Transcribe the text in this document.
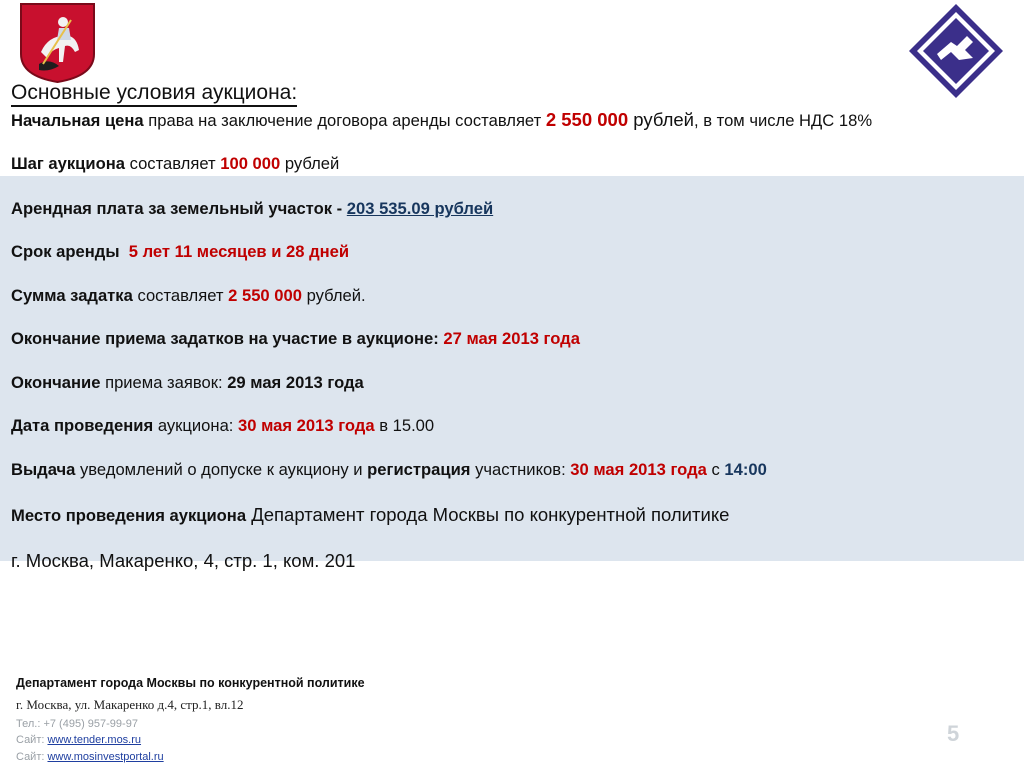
Основные условия аукциона:
Начальная цена права на заключение договора аренды составляет 2 550 000 рублей, в том числе НДС 18%
Шаг аукциона составляет 100 000 рублей
Арендная плата за земельный участок - 203 535.09 рублей
Срок аренды 5 лет 11 месяцев и 28 дней
Сумма задатка составляет 2 550 000 рублей.
Окончание приема задатков на участие в аукционе: 27 мая 2013 года
Окончание приема заявок: 29 мая 2013 года
Дата проведения аукциона: 30 мая 2013 года в 15.00
Выдача уведомлений о допуске к аукциону и регистрация участников: 30 мая 2013 года с 14:00
Место проведения аукциона Департамент города Москвы по конкурентной политике
г. Москва, Макаренко, 4, стр. 1, ком. 201
Департамент города Москвы по конкурентной политике
г. Москва, ул. Макаренко д.4, стр.1, вл.12
Тел.: +7 (495) 957-99-97
Сайт: www.tender.mos.ru
Сайт: www.mosinvestportal.ru
5
